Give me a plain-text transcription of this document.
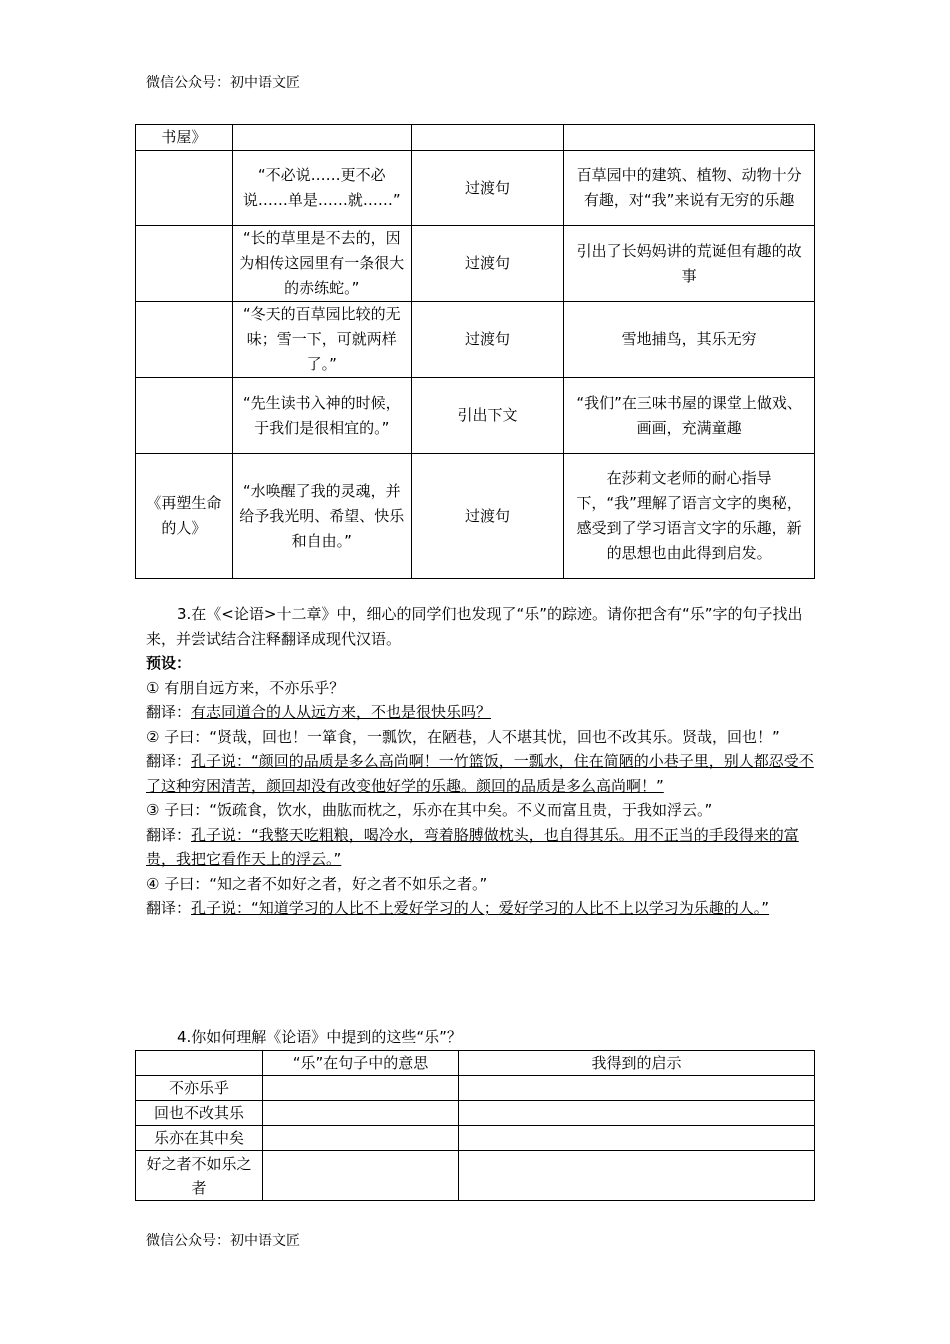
微信公众号：初中语文匠
书屋》			
	“不必说……更不必说……单是……就……”	过渡句	百草园中的建筑、植物、动物十分有趣，对“我”来说有无穷的乐趣
	“长的草里是不去的，因为相传这园里有一条很大的赤练蛇。”	过渡句	引出了长妈妈讲的荒诞但有趣的故事
	“冬天的百草园比较的无味；雪一下，可就两样了。”	过渡句	雪地捕鸟，其乐无穷
	“先生读书入神的时候，于我们是很相宜的。”	引出下文	“我们”在三味书屋的课堂上做戏、画画，充满童趣
《再塑生命的人》	“水唤醒了我的灵魂，并给予我光明、希望、快乐和自由。”	过渡句	在莎莉文老师的耐心指导下，“我”理解了语言文字的奥秘，感受到了学习语言文字的乐趣，新的思想也由此得到启发。
3.在《<论语>十二章》中，细心的同学们也发现了“乐”的踪迹。请你把含有“乐”字的句子找出来，并尝试结合注释翻译成现代汉语。
预设：
① 有朋自远方来，不亦乐乎？
翻译：有志同道合的人从远方来，不也是很快乐吗？
② 子曰：“贤哉，回也！一箪食，一瓢饮，在陋巷，人不堪其忧，回也不改其乐。贤哉，回也！”
翻译：孔子说：“颜回的品质是多么高尚啊！一竹篮饭，一瓢水，住在简陋的小巷子里，别人都忍受不了这种穷困清苦，颜回却没有改变他好学的乐趣。颜回的品质是多么高尚啊！”
③ 子曰：“饭疏食，饮水，曲肱而枕之，乐亦在其中矣。不义而富且贵，于我如浮云。”
翻译：孔子说：“我整天吃粗粮，喝冷水，弯着胳膊做枕头，也自得其乐。用不正当的手段得来的富贵，我把它看作天上的浮云。”
④ 子曰：“知之者不如好之者，好之者不如乐之者。”
翻译：孔子说：“知道学习的人比不上爱好学习的人；爱好学习的人比不上以学习为乐趣的人。”
4.你如何理解《论语》中提到的这些“乐”？
	“乐”在句子中的意思	我得到的启示
不亦乐乎		
回也不改其乐		
乐亦在其中矣		
好之者不如乐之者		
微信公众号：初中语文匠
